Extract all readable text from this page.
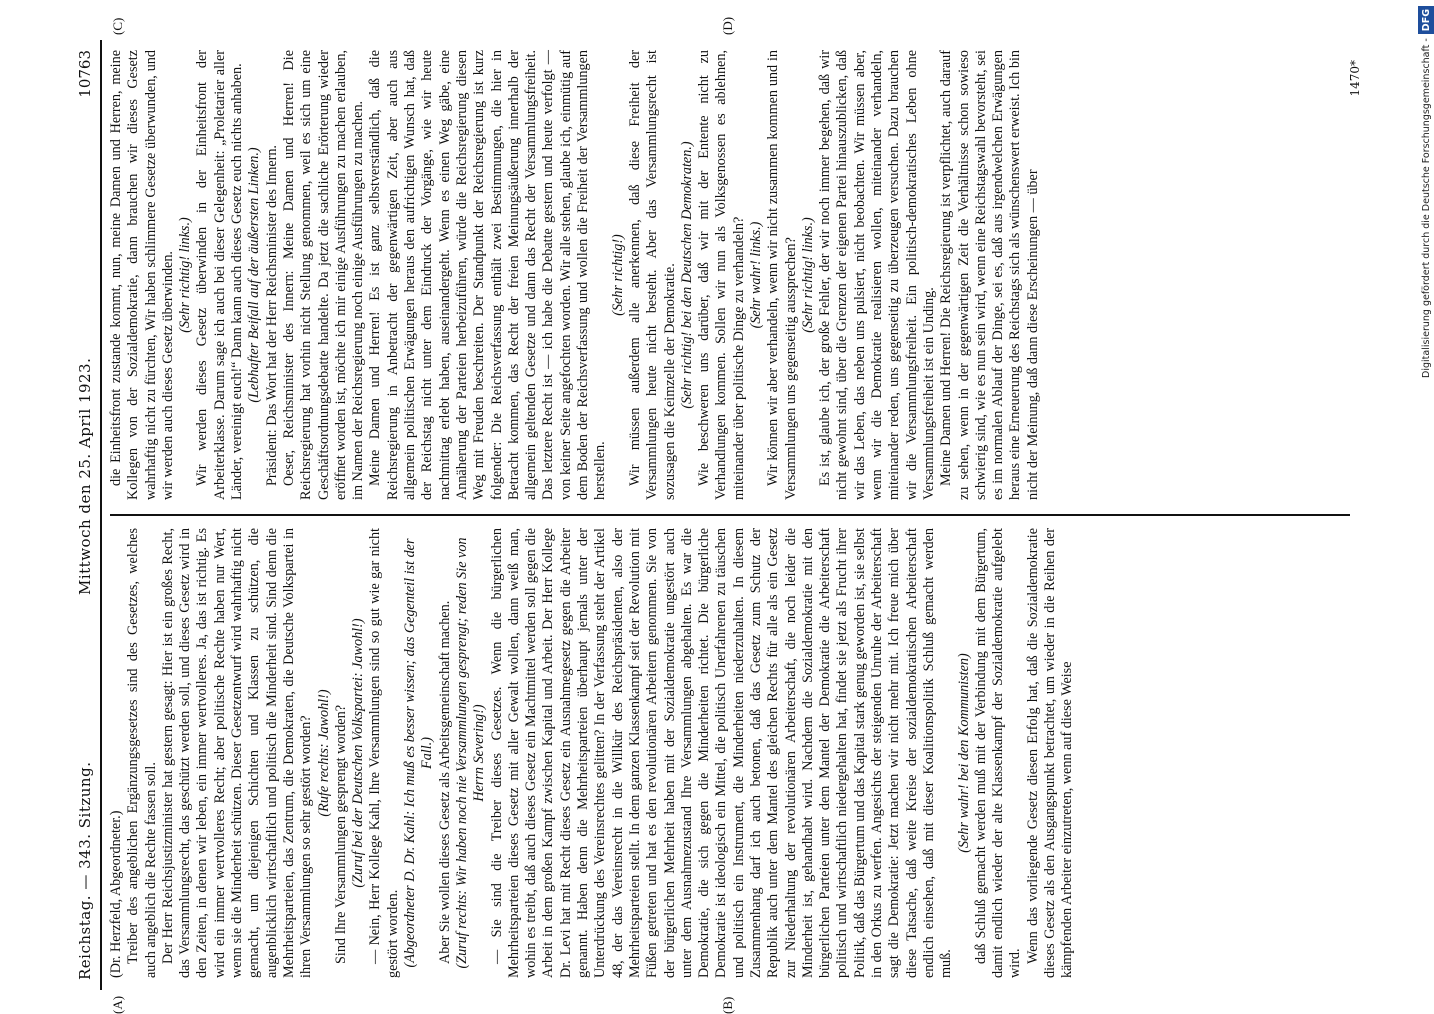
Reichstag. — 343. Sitzung.
Mittwoch den 25. April 1923.
10763

(Dr. Herzfeld, Abgeordneter.) Treiber des angeblichen Ergänzungsgesetzes sind des Gesetzes, welches auch angeblich die Rechte fassen soll. Der Herr Reichsjustizminister hat gestern gesagt: Hier ist ein großes Recht, das Versammlungsrecht, das geschützt werden soll, und dieses Gesetz wird in den Zeiten, in denen wir leben, ein immer wertvolleres. Ja, das ist richtig. Es wird ein immer wertvolleres Recht; aber politische Rechte haben nur Wert, wenn sie die Minderheit schützen. Dieser Gesetzentwurf wird wahrhaftig nicht gemacht, um diejenigen Schichten und Klassen zu schützen, die augenblicklich wirtschaftlich und politisch die Minderheit sind. Sind denn die Mehrheitsparteien, das Zentrum, die Demokraten, die Deutsche Volkspartei in ihren Versammlungen so sehr gestört worden? (Rufe rechts: Jawohl!) Sind Ihre Versammlungen gesprengt worden? (Zuruf bei der Deutschen Volkspartei: Jawohl!) — Nein, Herr Kollege Kahl, Ihre Versammlungen sind so gut wie gar nicht gestört worden. (Abgeordneter D. Dr. Kahl: Ich muß es besser wissen; das Gegenteil ist der Fall.) Aber Sie wollen dieses Gesetz als Arbeitsgemeinschaft machen. (Zuruf rechts: Wir haben noch nie Versammlungen gesprengt; reden Sie von Herrn Severing!) — Sie sind die Treiber dieses Gesetzes. Wenn die bürgerlichen Mehrheitsparteien dieses Gesetz mit aller Gewalt wollen, dann weiß man, wohin es treibt, daß auch dieses Gesetz ein Machtmittel werden soll gegen die Arbeit in dem großen Kampf zwischen Kapital und Arbeit. Der Herr Kollege Dr. Levi hat mit Recht dieses Gesetz ein Ausnahmegesetz gegen die Arbeiter genannt. Haben denn die Mehrheitsparteien überhaupt jemals unter der Unterdrückung des Vereinsrechtes gelitten? In der Verfassung steht der Artikel 48, der das Vereinsrecht in die Willkür des Reichspräsidenten, also der Mehrheitsparteien stellt. In dem ganzen Klassenkampf seit der Revolution mit Füßen getreten und hat es den revolutionären Arbeitern genommen. Sie von der bürgerlichen Mehrheit haben mit der Sozialdemokratie ungestört auch unter dem Ausnahmezustand Ihre Versammlungen abgehalten. Es war die Demokratie, die sich gegen die Minderheiten richtet. Die bürgerliche Demokratie ist ideologisch ein Mittel, die politisch Unerfahrenen zu täuschen und politisch ein Instrument, die Minderheiten niederzuhalten. In diesem Zusammenhang darf ich auch betonen, daß das Gesetz zum Schutz der Republik auch unter dem Mantel des gleichen Rechts für alle als ein Gesetz zur Niederhaltung der revolutionären Arbeiterschaft, die noch leider die Minderheit ist, gehandhabt wird. Nachdem die Sozialdemokratie mit den bürgerlichen Parteien unter dem Mantel der Demokratie die Arbeiterschaft politisch und wirtschaftlich niedergehalten hat, findet sie jetzt als Frucht ihrer Politik, daß das Bürgertum und das Kapital stark genug geworden ist, sie selbst in den Orkus zu werfen. Angesichts der steigenden Unruhe der Arbeiterschaft sagt die Demokratie: Jetzt machen wir nicht mehr mit. Ich freue mich über diese Tatsache, daß weite Kreise der sozialdemokratischen Arbeiterschaft endlich einsehen, daß mit dieser Koalitionspolitik Schluß gemacht werden muß.

(Sehr wahr! bei den Kommunisten) daß Schluß gemacht werden muß mit der Verbindung mit dem Bürgertum, damit endlich wieder der alte Klassenkampf der Sozialdemokratie aufgelebt wird. Wenn das vorliegende Gesetz diesen Erfolg hat, daß die Sozialdemokratie dieses Gesetz als den Ausgangspunkt betrachtet, um wieder in die Reihen der kämpfenden Arbeiter einzutreten, wenn auf diese Weise

die Einheitsfront zustande kommt, nun, meine Damen und Herren, meine Kollegen von der Sozialdemokratie, dann brauchen wir dieses Gesetz wahrhaftig nicht zu fürchten, Wir haben schlimmere Gesetze überwunden, und wir werden auch dieses Gesetz überwinden. (Sehr richtig! links.) Wir werden dieses Gesetz überwinden in der Einheitsfront der Arbeiterklasse. Darum sage ich auch bei dieser Gelegenheit: „Proletarier aller Länder, vereinigt euch!“ Dann kann auch dieses Gesetz euch nichts anhaben. (Lebhafter Beifall auf der äußersten Linken.) Präsident: Das Wort hat der Herr Reichsminister des Innern. Oeser, Reichsminister des Innern: Meine Damen und Herren! Die Reichsregierung hat vorhin nicht Stellung genommen, weil es sich um eine Geschäftsordnungsdebatte handelte. Da jetzt die sachliche Erörterung wieder eröffnet worden ist, möchte ich mir einige Ausführungen zu machen erlauben, im Namen der Reichsregierung noch einige Ausführungen zu machen. Meine Damen und Herren! Es ist ganz selbstverständlich, daß die Reichsregierung in Anbetracht der gegenwärtigen Zeit, aber auch aus allgemein politischen Erwägungen heraus den aufrichtigen Wunsch hat, daß der Reichstag nicht unter dem Eindruck der Vorgänge, wie wir heute nachmittag erlebt haben, auseinandergeht. Wenn es einen Weg gäbe, eine Annäherung der Parteien herbeizuführen, würde die Reichsregierung diesen Weg mit Freuden beschreiten. Der Standpunkt der Reichsregierung ist kurz folgender: Die Reichsverfassung enthält zwei Bestimmungen, die hier in Betracht kommen, das Recht der freien Meinungsäußerung innerhalb der allgemein geltenden Gesetze und dann das Recht der Versammlungsfreiheit. Das letztere Recht ist — ich habe die Debatte gestern und heute verfolgt — von keiner Seite angefochten worden. Wir alle stehen, glaube ich, einmütig auf dem Boden der Reichsverfassung und wollen die Freiheit der Versammlungen herstellen.

(Sehr richtig!) Wir müssen außerdem alle anerkennen, daß diese Freiheit der Versammlungen heute nicht besteht. Aber das Versammlungsrecht ist sozusagen die Keimzelle der Demokratie. (Sehr richtig! bei den Deutschen Demokraten.) Wie beschweren uns darüber, daß wir mit der Entente nicht zu Verhandlungen kommen. Sollen wir nun als Volksgenossen es ablehnen, miteinander über politische Dinge zu verhandeln? (Sehr wahr! links.) Wir können wir aber verhandeln, wenn wir nicht zusammen kommen und in Versammlungen uns gegenseitig aussprechen? (Sehr richtig! links.) Es ist, glaube ich, der große Fehler, der wir noch immer begehen, daß wir nicht gewohnt sind, über die Grenzen der eigenen Partei hinauszublicken, daß wir das Leben, das neben uns pulsiert, nicht beobachten. Wir müssen aber, wenn wir die Demokratie realisieren wollen, miteinander verhandeln, miteinander reden, uns gegenseitig zu überzeugen versuchen. Dazu brauchen wir die Versammlungsfreiheit. Ein politisch-demokratisches Leben ohne Versammlungsfreiheit ist ein Unding. Meine Damen und Herren! Die Reichsregierung ist verpflichtet, auch darauf zu sehen, wenn in der gegenwärtigen Zeit die Verhältnisse schon sowieso schwierig sind, wie es nun sein wird, wenn eine Reichstagswahl bevorsteht, sei es im normalen Ablauf der Dinge, sei es, daß aus irgendwelchen Erwägungen heraus eine Erneuerung des Reichstags sich als wünschenswert erweist. Ich bin nicht der Meinung, daß dann diese Erscheinungen — über

(A)	(B)
(C)	(D)
1470*	Digitalisierung gefördert durch die Deutsche Forschungsgemeinschaft -DFG
